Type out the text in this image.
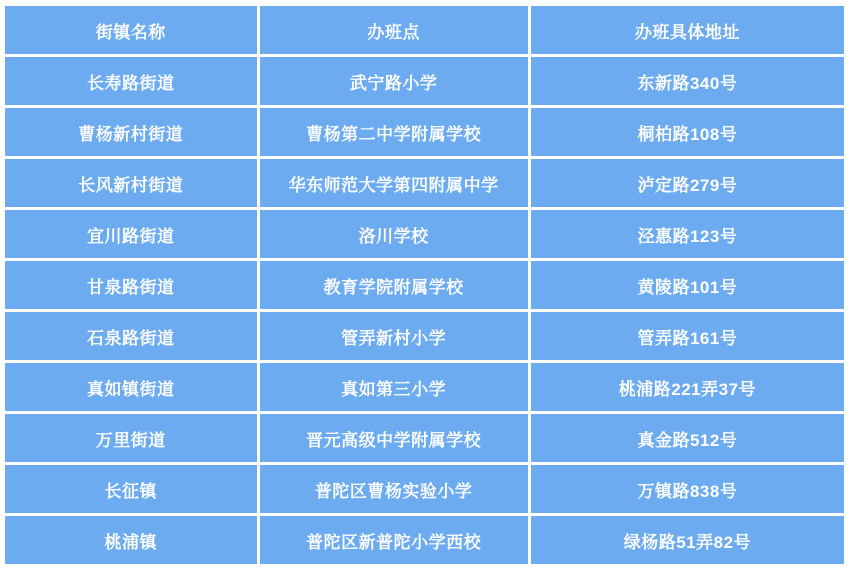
街镇名称	办班点	办班具体地址
长寿路街道	武宁路小学	东新路340号
曹杨新村街道	曹杨第二中学附属学校	桐柏路108号
长风新村街道	华东师范大学第四附属中学	泸定路279号
宜川路街道	洛川学校	泾惠路123号
甘泉路街道	教育学院附属学校	黄陵路101号
石泉路街道	管弄新村小学	管弄路161号
真如镇街道	真如第三小学	桃浦路221弄37号
万里街道	晋元高级中学附属学校	真金路512号
长征镇	普陀区曹杨实验小学	万镇路838号
桃浦镇	普陀区新普陀小学西校	绿杨路51弄82号
